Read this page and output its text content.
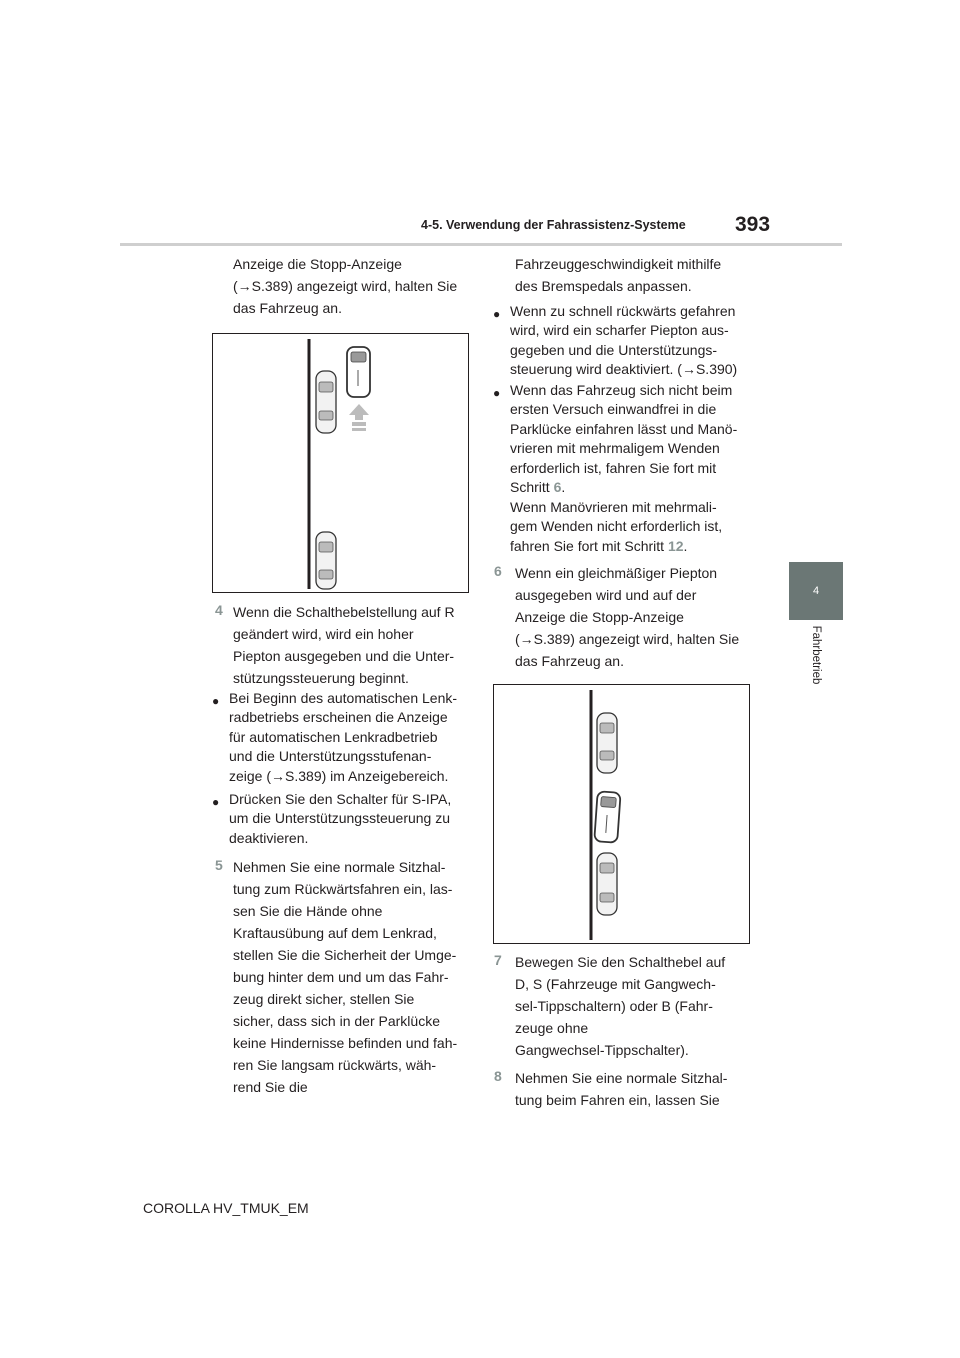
4-5. Verwendung der Fahrassistenz-Systeme 393
4
Fahrbetrieb
Anzeige die Stopp-Anzeige
(→S.389) angezeigt wird, halten Sie
das Fahrzeug an.
4 Wenn die Schalthebelstellung auf R
geändert wird, wird ein hoher
Piepton ausgegeben und die Unter-
stützungssteuerung beginnt.
● Bei Beginn des automatischen Lenk-
radbetriebs erscheinen die Anzeige
für automatischen Lenkradbetrieb
und die Unterstützungsstufenan-
zeige (→S.389) im Anzeigebereich.
● Drücken Sie den Schalter für S-IPA,
um die Unterstützungssteuerung zu
deaktivieren.
5 Nehmen Sie eine normale Sitzhal-
tung zum Rückwärtsfahren ein, las-
sen Sie die Hände ohne
Kraftausübung auf dem Lenkrad,
stellen Sie die Sicherheit der Umge-
bung hinter dem und um das Fahr-
zeug direkt sicher, stellen Sie
sicher, dass sich in der Parklücke
keine Hindernisse befinden und fah-
ren Sie langsam rückwärts, wäh-
rend Sie die
Fahrzeuggeschwindigkeit mithilfe
des Bremspedals anpassen.
● Wenn zu schnell rückwärts gefahren
wird, wird ein scharfer Piepton aus-
gegeben und die Unterstützungs-
steuerung wird deaktiviert. (→S.390)
● Wenn das Fahrzeug sich nicht beim
ersten Versuch einwandfrei in die
Parklücke einfahren lässt und Manö-
vrieren mit mehrmaligem Wenden
erforderlich ist, fahren Sie fort mit
Schritt 6.
Wenn Manövrieren mit mehrmali-
gem Wenden nicht erforderlich ist,
fahren Sie fort mit Schritt 12.
6 Wenn ein gleichmäßiger Piepton
ausgegeben wird und auf der
Anzeige die Stopp-Anzeige
(→S.389) angezeigt wird, halten Sie
das Fahrzeug an.
7 Bewegen Sie den Schalthebel auf
D, S (Fahrzeuge mit Gangwech-
sel-Tippschaltern) oder B (Fahr-
zeuge ohne
Gangwechsel-Tippschalter).
8 Nehmen Sie eine normale Sitzhal-
tung beim Fahren ein, lassen Sie
COROLLA HV_TMUK_EM
